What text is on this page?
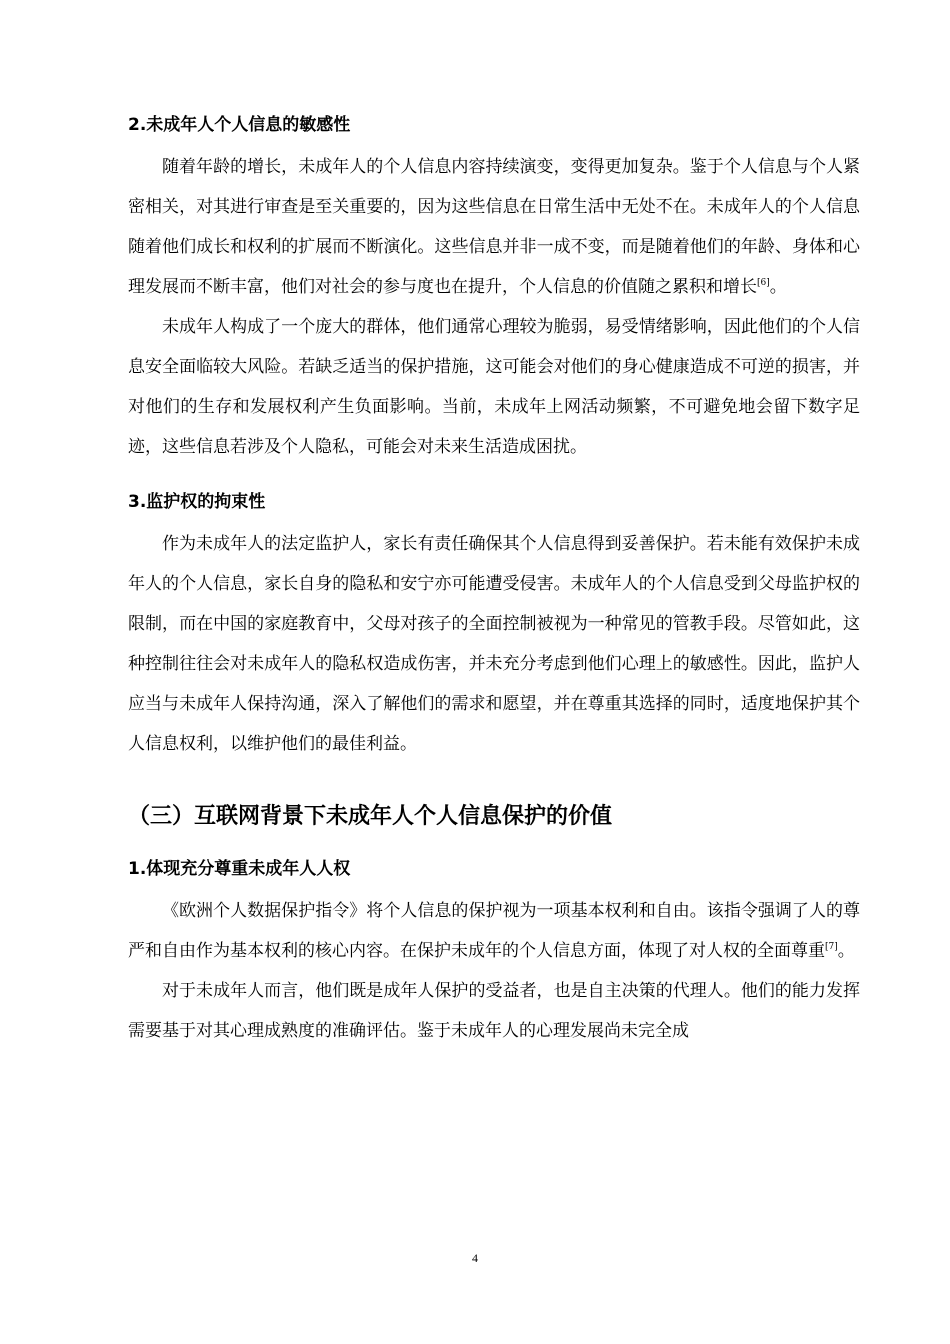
2.未成年人个人信息的敏感性

随着年龄的增长，未成年人的个人信息内容持续演变，变得更加复杂。鉴于个人信息与个人紧密相关，对其进行审查是至关重要的，因为这些信息在日常生活中无处不在。未成年人的个人信息随着他们成长和权利的扩展而不断演化。这些信息并非一成不变，而是随着他们的年龄、身体和心理发展而不断丰富，他们对社会的参与度也在提升，个人信息的价值随之累积和增长[6]。

未成年人构成了一个庞大的群体，他们通常心理较为脆弱，易受情绪影响，因此他们的个人信息安全面临较大风险。若缺乏适当的保护措施，这可能会对他们的身心健康造成不可逆的损害，并对他们的生存和发展权利产生负面影响。当前，未成年上网活动频繁，不可避免地会留下数字足迹，这些信息若涉及个人隐私，可能会对未来生活造成困扰。

3.监护权的拘束性

作为未成年人的法定监护人，家长有责任确保其个人信息得到妥善保护。若未能有效保护未成年人的个人信息，家长自身的隐私和安宁亦可能遭受侵害。未成年人的个人信息受到父母监护权的限制，而在中国的家庭教育中，父母对孩子的全面控制被视为一种常见的管教手段。尽管如此，这种控制往往会对未成年人的隐私权造成伤害，并未充分考虑到他们心理上的敏感性。因此，监护人应当与未成年人保持沟通，深入了解他们的需求和愿望，并在尊重其选择的同时，适度地保护其个人信息权利，以维护他们的最佳利益。

（三）互联网背景下未成年人个人信息保护的价值
1.体现充分尊重未成年人人权

《欧洲个人数据保护指令》将个人信息的保护视为一项基本权利和自由。该指令强调了人的尊严和自由作为基本权利的核心内容。在保护未成年的个人信息方面，体现了对人权的全面尊重[7]。

对于未成年人而言，他们既是成年人保护的受益者，也是自主决策的代理人。他们的能力发挥需要基于对其心理成熟度的准确评估。鉴于未成年人的心理发展尚未完全成

4
